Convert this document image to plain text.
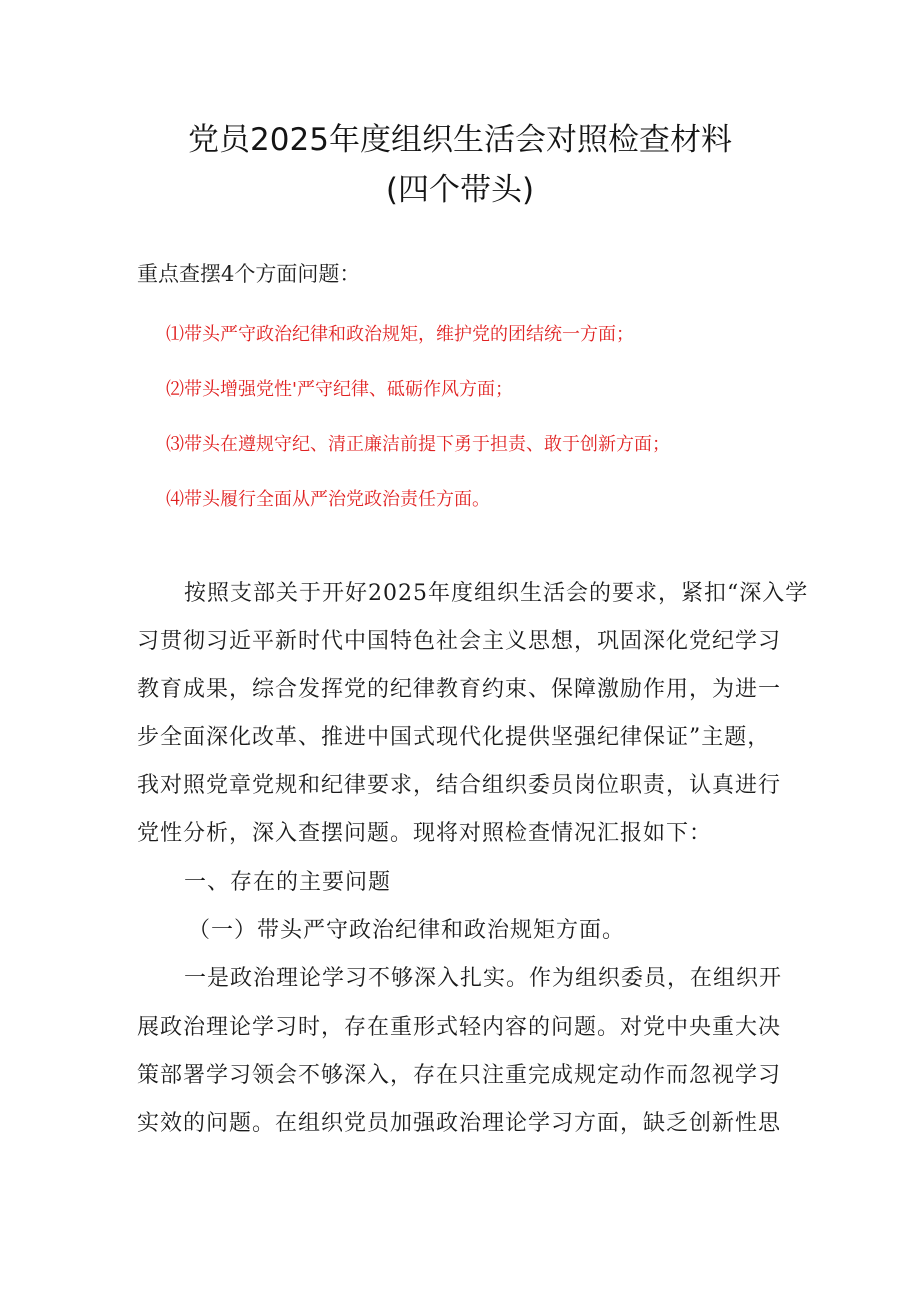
党员2025年度组织生活会对照检查材料
(四个带头)
重点查摆4个方面问题：
⑴带头严守政治纪律和政治规矩，维护党的团结统一方面；
⑵带头增强党性'严守纪律、砥砺作风方面；
⑶带头在遵规守纪、清正廉洁前提下勇于担责、敢于创新方面；
⑷带头履行全面从严治党政治责任方面。
按照支部关于开好2025年度组织生活会的要求，紧扣“深入学
习贯彻习近平新时代中国特色社会主义思想，巩固深化党纪学习
教育成果，综合发挥党的纪律教育约束、保障激励作用，为进一
步全面深化改革、推进中国式现代化提供坚强纪律保证”主题，
我对照党章党规和纪律要求，结合组织委员岗位职责，认真进行
党性分析，深入查摆问题。现将对照检查情况汇报如下：
一、存在的主要问题
（一）带头严守政治纪律和政治规矩方面。
一是政治理论学习不够深入扎实。作为组织委员，在组织开
展政治理论学习时，存在重形式轻内容的问题。对党中央重大决
策部署学习领会不够深入，存在只注重完成规定动作而忽视学习
实效的问题。在组织党员加强政治理论学习方面，缺乏创新性思
